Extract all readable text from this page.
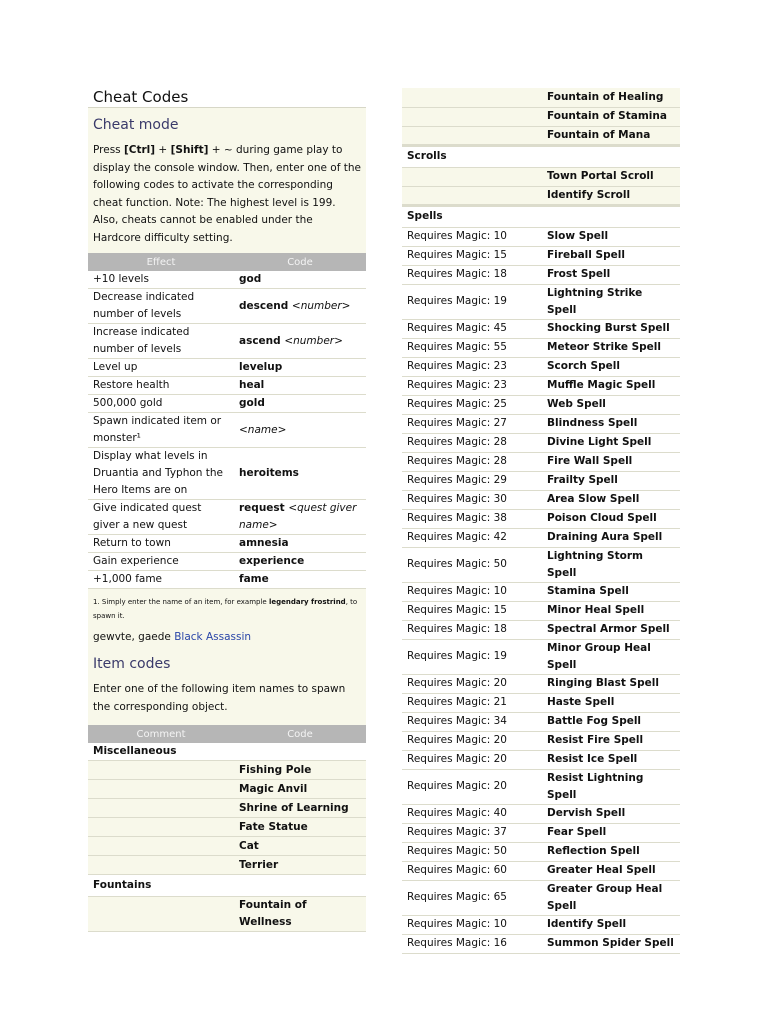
Cheat Codes
Cheat mode
Press [Ctrl] + [Shift] + ~ during game play to display the console window. Then, enter one of the following codes to activate the corresponding cheat function. Note: The highest level is 199. Also, cheats cannot be enabled under the Hardcore difficulty setting.
Effect	Code
+10 levels	god
Decrease indicated number of levels	descend <number>
Increase indicated number of levels	ascend <number>
Level up	levelup
Restore health	heal
500,000 gold	gold
Spawn indicated item or monster¹	<name>
Display what levels in Druantia and Typhon the Hero Items are on	heroitems
Give indicated quest giver a new quest	request <quest giver name>
Return to town	amnesia
Gain experience	experience
+1,000 fame	fame
1. Simply enter the name of an item, for example legendary frostrind, to spawn it.
gewvte, gaede Black Assassin
Item codes
Enter one of the following item names to spawn the corresponding object.
Comment	Code
Miscellaneous	
	Fishing Pole
	Magic Anvil
	Shrine of Learning
	Fate Statue
	Cat
	Terrier
Fountains	
	Fountain of Wellness
	Fountain of Healing
	Fountain of Stamina
	Fountain of Mana
Scrolls	
	Town Portal Scroll
	Identify Scroll
Spells	
Requires Magic: 10	Slow Spell
Requires Magic: 15	Fireball Spell
Requires Magic: 18	Frost Spell
Requires Magic: 19	Lightning Strike Spell
Requires Magic: 45	Shocking Burst Spell
Requires Magic: 55	Meteor Strike Spell
Requires Magic: 23	Scorch Spell
Requires Magic: 23	Muffle Magic Spell
Requires Magic: 25	Web Spell
Requires Magic: 27	Blindness Spell
Requires Magic: 28	Divine Light Spell
Requires Magic: 28	Fire Wall Spell
Requires Magic: 29	Frailty Spell
Requires Magic: 30	Area Slow Spell
Requires Magic: 38	Poison Cloud Spell
Requires Magic: 42	Draining Aura Spell
Requires Magic: 50	Lightning Storm Spell
Requires Magic: 10	Stamina Spell
Requires Magic: 15	Minor Heal Spell
Requires Magic: 18	Spectral Armor Spell
Requires Magic: 19	Minor Group Heal Spell
Requires Magic: 20	Ringing Blast Spell
Requires Magic: 21	Haste Spell
Requires Magic: 34	Battle Fog Spell
Requires Magic: 20	Resist Fire Spell
Requires Magic: 20	Resist Ice Spell
Requires Magic: 20	Resist Lightning Spell
Requires Magic: 40	Dervish Spell
Requires Magic: 37	Fear Spell
Requires Magic: 50	Reflection Spell
Requires Magic: 60	Greater Heal Spell
Requires Magic: 65	Greater Group Heal Spell
Requires Magic: 10	Identify Spell
Requires Magic: 16	Summon Spider Spell
